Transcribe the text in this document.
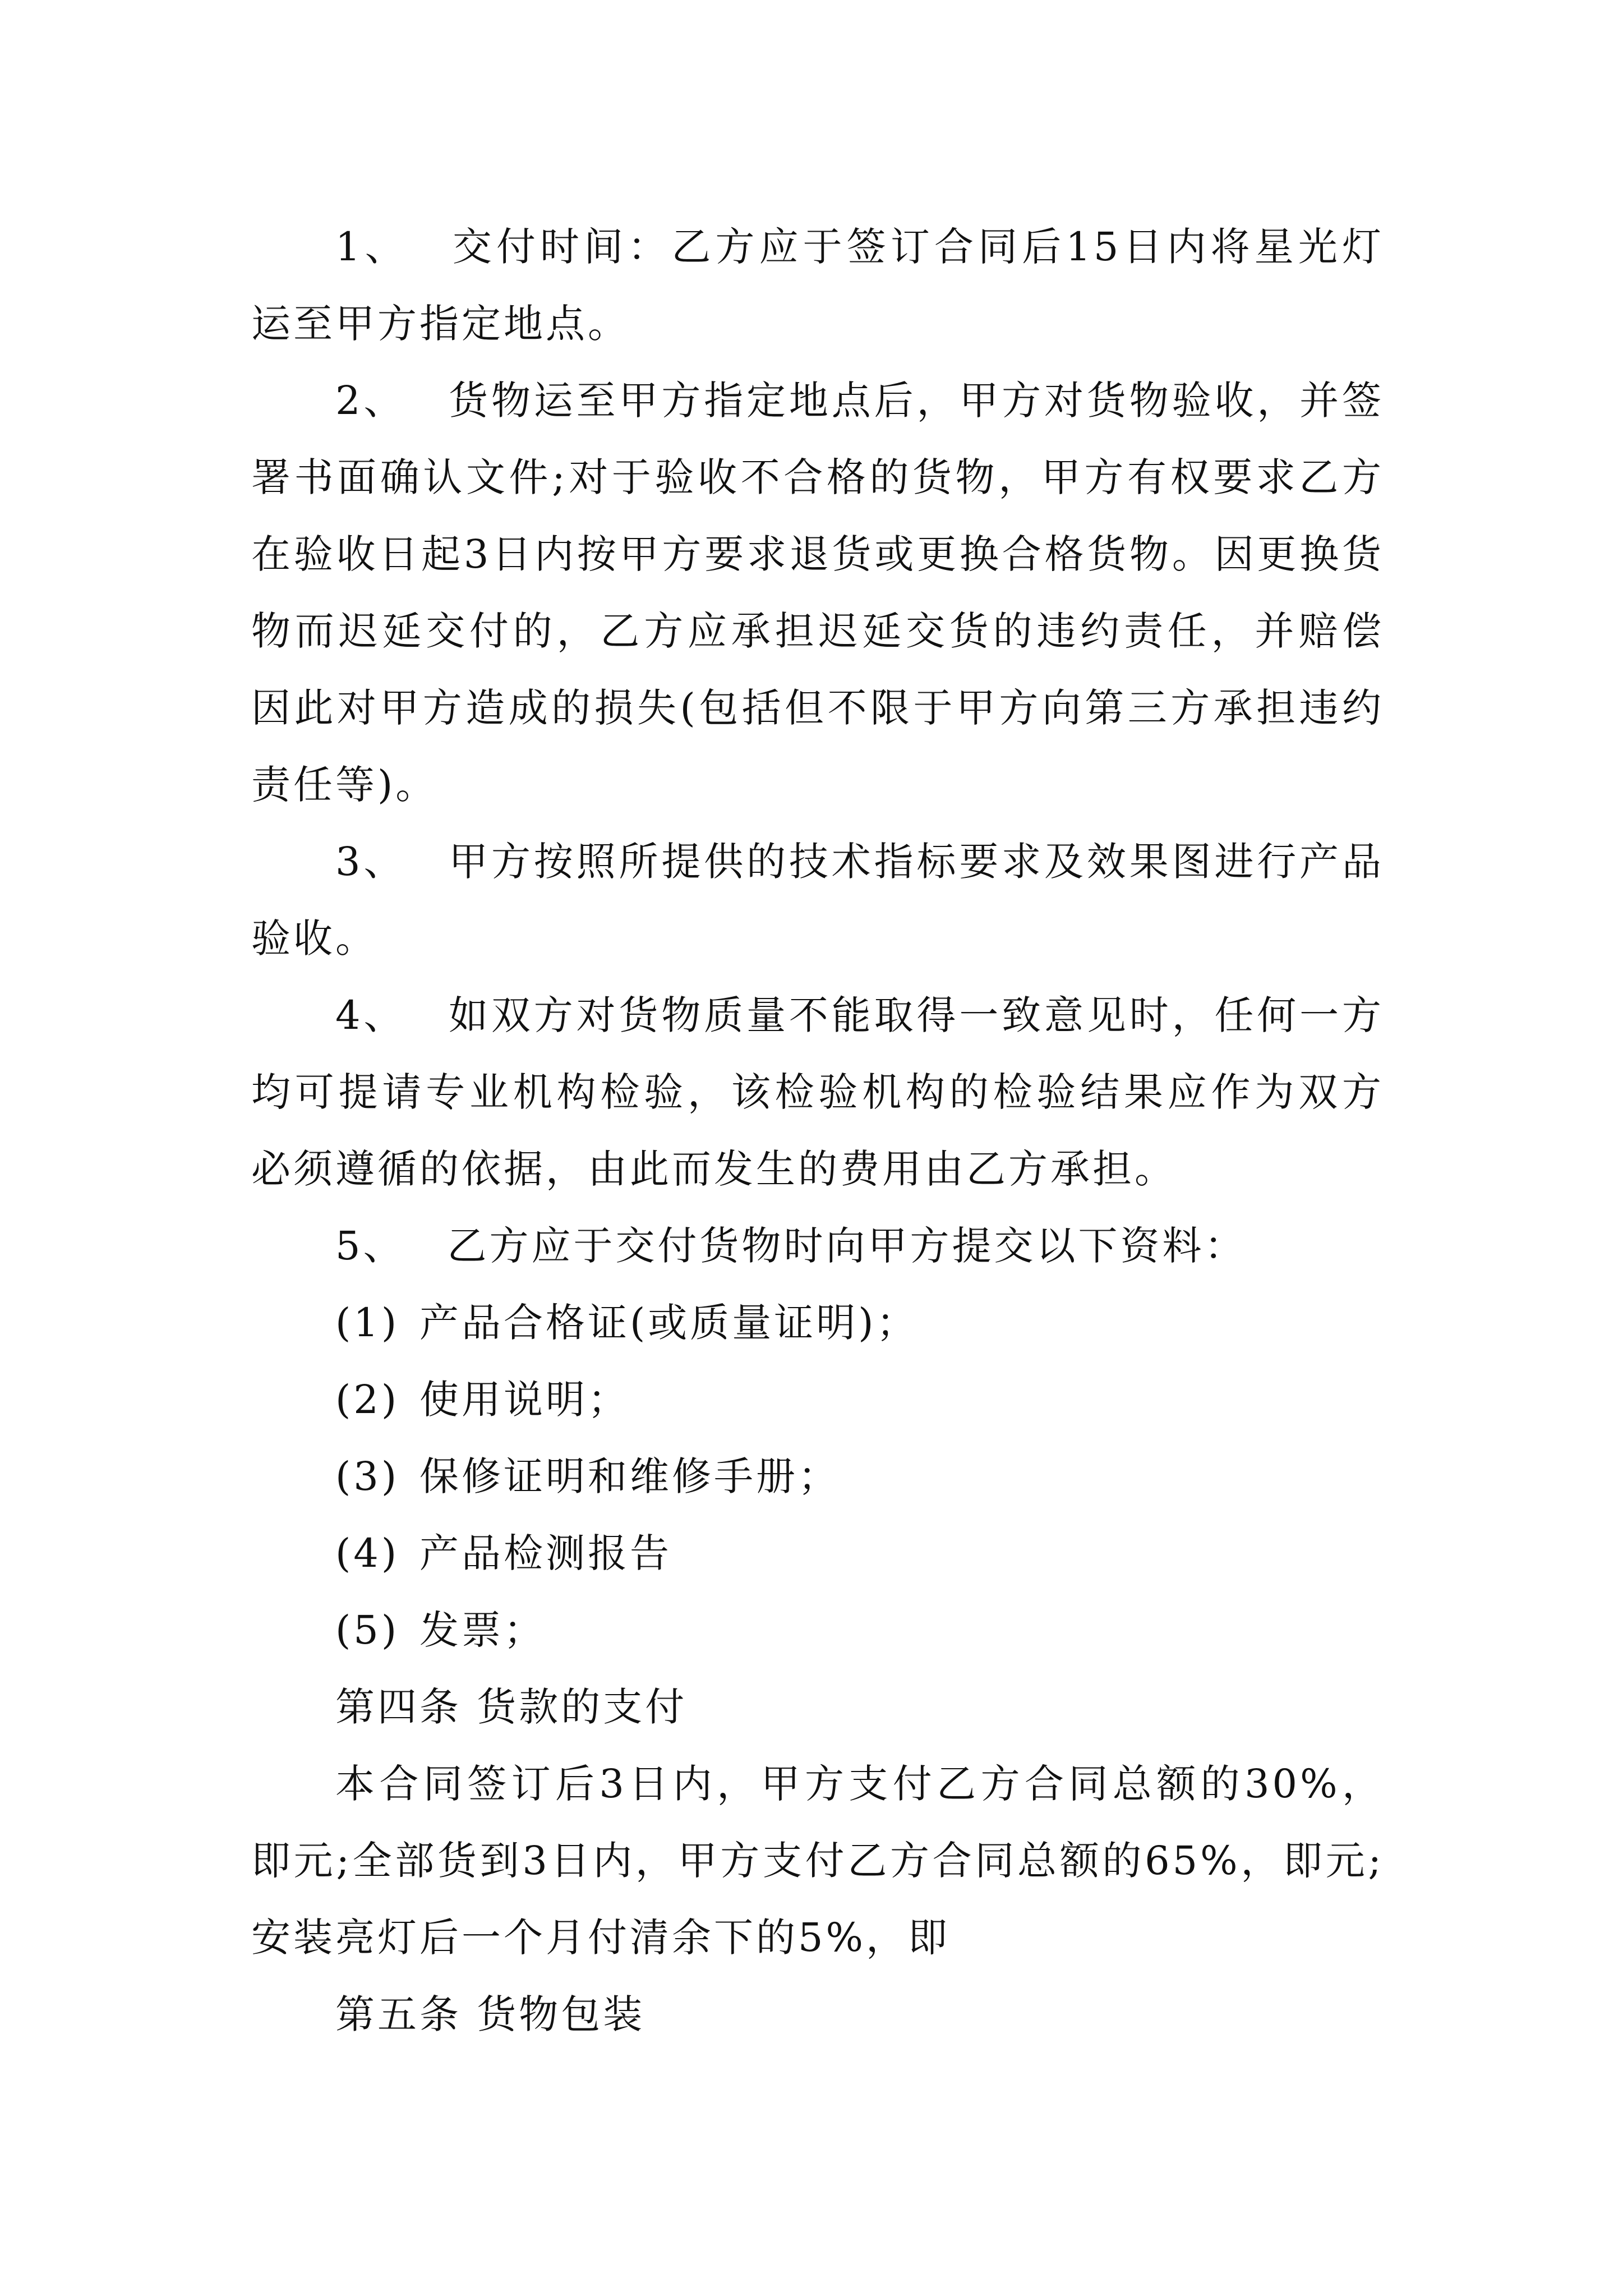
1、  交付时间：乙方应于签订合同后15日内将星光灯运至甲方指定地点。

2、  货物运至甲方指定地点后，甲方对货物验收，并签署书面确认文件;对于验收不合格的货物，甲方有权要求乙方在验收日起3日内按甲方要求退货或更换合格货物。因更换货物而迟延交付的，乙方应承担迟延交货的违约责任，并赔偿因此对甲方造成的损失(包括但不限于甲方向第三方承担违约责任等)。

3、  甲方按照所提供的技术指标要求及效果图进行产品验收。

4、  如双方对货物质量不能取得一致意见时，任何一方均可提请专业机构检验，该检验机构的检验结果应作为双方必须遵循的依据，由此而发生的费用由乙方承担。

5、  乙方应于交付货物时向甲方提交以下资料：

(1) 产品合格证(或质量证明)；

(2) 使用说明；

(3) 保修证明和维修手册；

(4) 产品检测报告

(5) 发票；

第四条 货款的支付

本合同签订后3日内，甲方支付乙方合同总额的30%，即元;全部货到3日内，甲方支付乙方合同总额的65%，即元;安装亮灯后一个月付清余下的5%，即

第五条 货物包装
